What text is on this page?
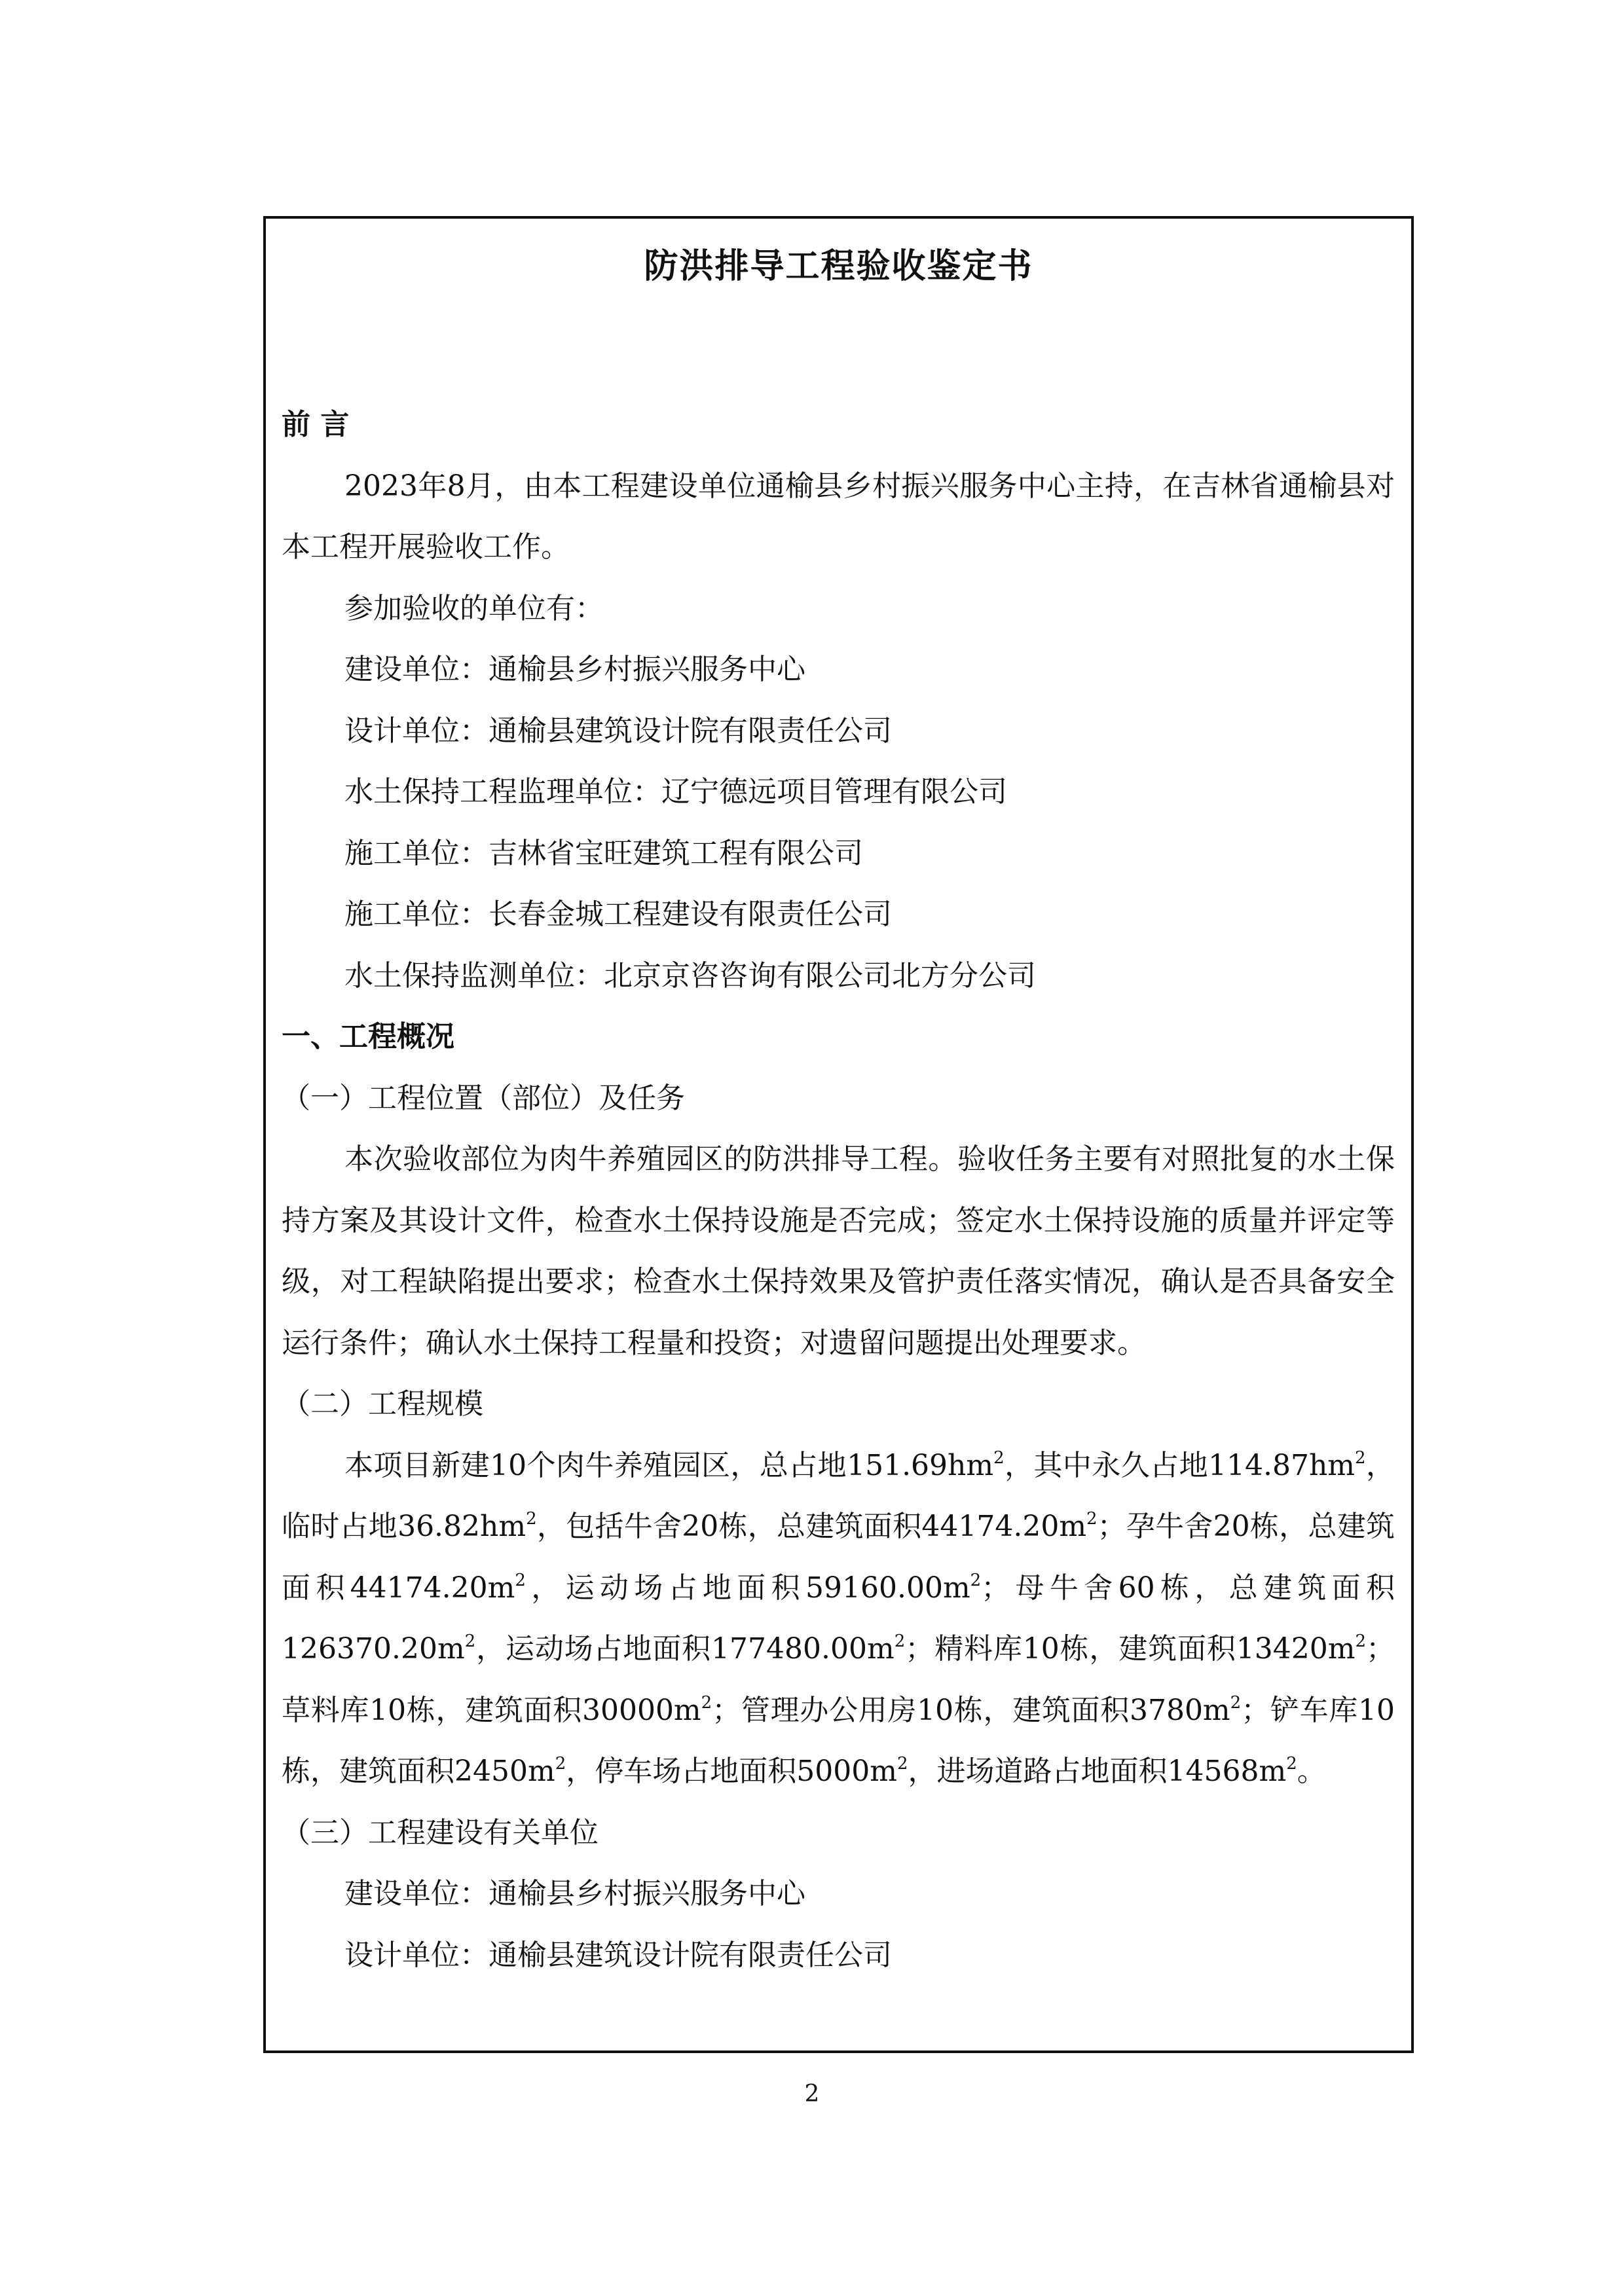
防洪排导工程验收鉴定书
前 言
2023年8月，由本工程建设单位通榆县乡村振兴服务中心主持，在吉林省通榆县对本工程开展验收工作。
参加验收的单位有：
建设单位：通榆县乡村振兴服务中心
设计单位：通榆县建筑设计院有限责任公司
水土保持工程监理单位：辽宁德远项目管理有限公司
施工单位：吉林省宝旺建筑工程有限公司
施工单位：长春金城工程建设有限责任公司
水土保持监测单位：北京京咨咨询有限公司北方分公司
一、工程概况
（一）工程位置（部位）及任务
本次验收部位为肉牛养殖园区的防洪排导工程。验收任务主要有对照批复的水土保持方案及其设计文件，检查水土保持设施是否完成；签定水土保持设施的质量并评定等级，对工程缺陷提出要求；检查水土保持效果及管护责任落实情况，确认是否具备安全运行条件；确认水土保持工程量和投资；对遗留问题提出处理要求。
（二）工程规模
本项目新建10个肉牛养殖园区，总占地$151.69hm^2$，其中永久占地$114.87hm^2$，临时占地$36.82hm^2$，包括牛舍20栋，总建筑面积$44174.20m^2$；孕牛舍20栋，总建筑面积$44174.20m^2$，运动场占地面积$59160.00m^2$；母牛舍60栋，总建筑面积$126370.20m^2$，运动场占地面积$177480.00m^2$；精料库10栋，建筑面积$13420m^2$；草料库10栋，建筑面积$30000m^2$；管理办公用房10栋，建筑面积$3780m^2$；铲车库10栋，建筑面积$2450m^2$，停车场占地面积$5000m^2$，进场道路占地面积$14568m^2$。
（三）工程建设有关单位
建设单位：通榆县乡村振兴服务中心
设计单位：通榆县建筑设计院有限责任公司
2
